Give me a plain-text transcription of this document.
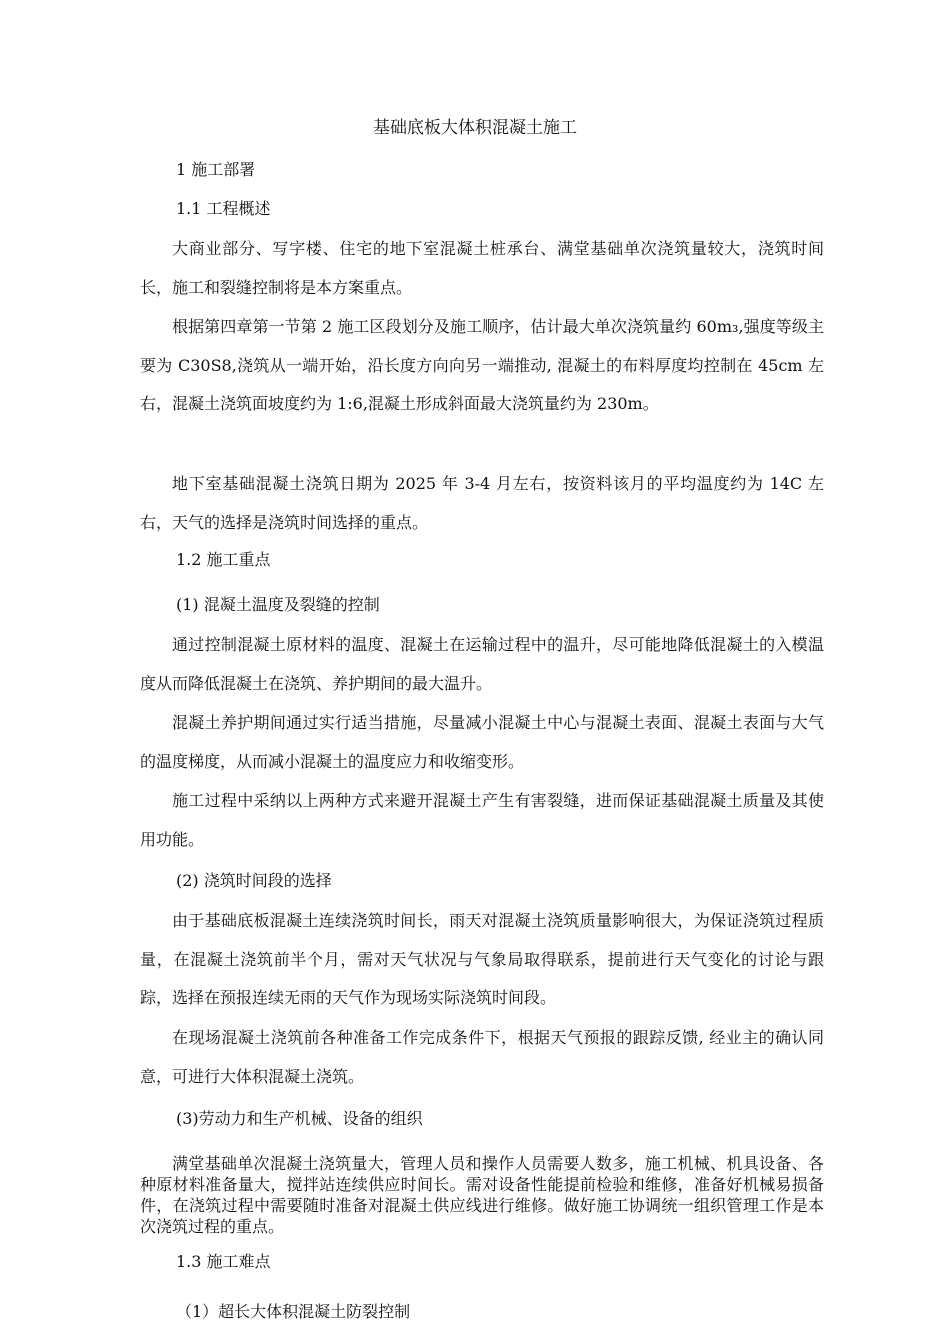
基础底板大体积混凝土施工
1 施工部署
1.1 工程概述
大商业部分、写字楼、住宅的地下室混凝土桩承台、满堂基础单次浇筑量较大，浇筑时间长，施工和裂缝控制将是本方案重点。
根据第四章第一节第 2 施工区段划分及施工顺序，估计最大单次浇筑量约 60m₃,强度等级主要为 C30S8,浇筑从一端开始，沿长度方向向另一端推动, 混凝土的布料厚度均控制在 45cm 左右，混凝土浇筑面坡度约为 1:6,混凝土形成斜面最大浇筑量约为 230m。
地下室基础混凝土浇筑日期为 2025 年 3-4 月左右，按资料该月的平均温度约为 14C 左右，天气的选择是浇筑时间选择的重点。
1.2 施工重点
(1) 混凝土温度及裂缝的控制
通过控制混凝土原材料的温度、混凝土在运输过程中的温升，尽可能地降低混凝土的入模温度从而降低混凝土在浇筑、养护期间的最大温升。
混凝土养护期间通过实行适当措施，尽量减小混凝土中心与混凝土表面、混凝土表面与大气的温度梯度，从而减小混凝土的温度应力和收缩变形。
施工过程中采纳以上两种方式来避开混凝土产生有害裂缝，进而保证基础混凝土质量及其使用功能。
(2) 浇筑时间段的选择
由于基础底板混凝土连续浇筑时间长，雨天对混凝土浇筑质量影响很大，为保证浇筑过程质量，在混凝土浇筑前半个月，需对天气状况与气象局取得联系，提前进行天气变化的讨论与跟踪，选择在预报连续无雨的天气作为现场实际浇筑时间段。
在现场混凝土浇筑前各种准备工作完成条件下，根据天气预报的跟踪反馈, 经业主的确认同意，可进行大体积混凝土浇筑。
(3)劳动力和生产机械、设备的组织
满堂基础单次混凝土浇筑量大，管理人员和操作人员需要人数多，施工机械、机具设备、各种原材料准备量大，搅拌站连续供应时间长。需对设备性能提前检验和维修，准备好机械易损备件，在浇筑过程中需要随时准备对混凝土供应线进行维修。做好施工协调统一组织管理工作是本次浇筑过程的重点。
1.3 施工难点
（1）超长大体积混凝土防裂控制
